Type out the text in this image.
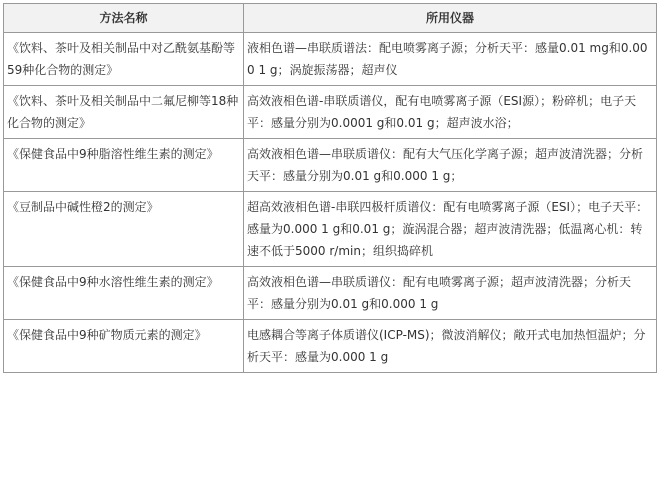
方法名称	所用仪器
《饮料、茶叶及相关制品中对乙酰氨基酚等59种化合物的测定》	液相色谱—串联质谱法：配电喷雾离子源；分析天平：感量0.01 mg和0.000 1 g；涡旋振荡器；超声仪
《饮料、茶叶及相关制品中二氟尼柳等18种化合物的测定》	高效液相色谱-串联质谱仪，配有电喷雾离子源（ESI源）；粉碎机；电子天平：感量分别为0.0001 g和0.01 g；超声波水浴；
《保健食品中9种脂溶性维生素的测定》	高效液相色谱—串联质谱仪：配有大气压化学离子源；超声波清洗器；分析天平：感量分别为0.01 g和0.000 1 g；
《豆制品中碱性橙2的测定》	超高效液相色谱-串联四极杆质谱仪：配有电喷雾离子源（ESI）；电子天平：感量为0.000 1 g和0.01 g；漩涡混合器；超声波清洗器；低温离心机：转速不低于5000 r/min；组织捣碎机
《保健食品中9种水溶性维生素的测定》	高效液相色谱—串联质谱仪：配有电喷雾离子源；超声波清洗器；分析天平：感量分别为0.01 g和0.000 1 g
《保健食品中9种矿物质元素的测定》	电感耦合等离子体质谱仪(ICP-MS)；微波消解仪；敞开式电加热恒温炉；分析天平：感量为0.000 1 g
